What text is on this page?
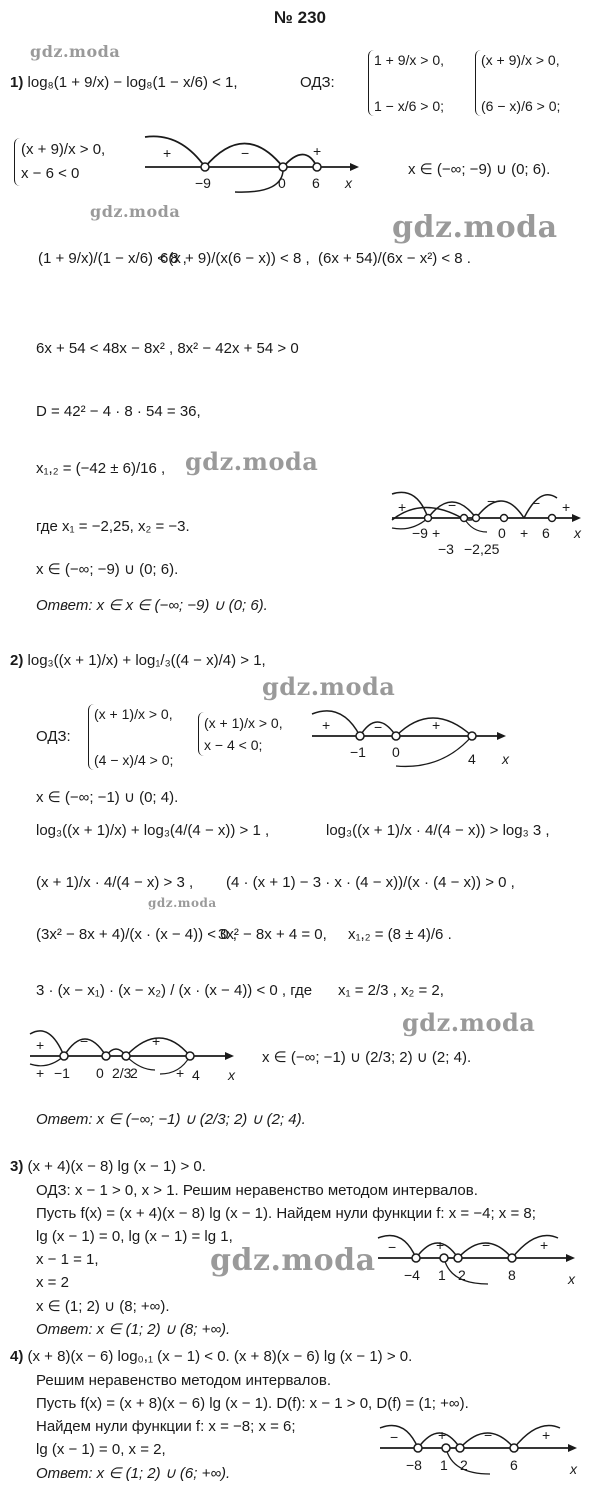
№ 230
gdz.moda
gdz.moda	gdz.moda
gdz.moda
gdz.moda
gdz.moda
gdz.moda
gdz.moda
1) log₈(1 + 9/x) − log₈(1 − x/6) < 1,	ОДЗ:
1 + 9/x > 0,
1 − x/6 > 0;
(x + 9)/x > 0,
(6 − x)/6 > 0;
(x + 9)/x > 0,
x − 6 < 0
+	−	+
−9	0 6 x
x ∈ (−∞; −9) ∪ (0; 6).
(1 + 9/x)/(1 − x/6) < 8 ,
6(x + 9)/(x(6 − x)) < 8 , (6x + 54)/(6x − x²) < 8 .
6x + 54 < 48x − 8x² , 8x² − 42x + 54 > 0
D = 42² − 4 · 8 · 54 = 36,
x₁,₂ = (−42 ± 6)/16 ,
где x₁ = −2,25, x₂ = −3.
+	−
+
−
+
− +
−9	0	6
−3 −2,25
x
x ∈ (−∞; −9) ∪ (0; 6).
Ответ: x ∈ x ∈ (−∞; −9) ∪ (0; 6).
2) log₃((x + 1)/x) + log₁/₃((4 − x)/4) > 1,
ОДЗ:
(x + 1)/x > 0,
(4 − x)/4 > 0;
(x + 1)/x > 0,
x − 4 < 0;
+	−	+
−1 0	4 x
x ∈ (−∞; −1) ∪ (0; 4).
log₃((x + 1)/x) + log₃(4/(4 − x)) > 1 ,	log₃((x + 1)/x · 4/(4 − x)) > log₃ 3 ,
(x + 1)/x · 4/(4 − x) > 3 , (4 · (x + 1) − 3 · x · (4 − x))/(x · (4 − x)) > 0 ,
(3x² − 8x + 4)/(x · (x − 4)) < 0 ,
3x² − 8x + 4 = 0, x₁,₂ = (8 ± 4)/6 .
3 · (x − x₁) · (x − x₂) / (x · (x − 4)) < 0 , где x₁ = 2/3 , x₂ = 2,
+	−	+
+	+
−1 0 2/3
2	4 x
x ∈ (−∞; −1) ∪ (2/3; 2) ∪ (2; 4).
Ответ: x ∈ (−∞; −1) ∪ (2/3; 2) ∪ (2; 4).
3) (x + 4)(x − 8) lg (x − 1) > 0.
ОДЗ: x − 1 > 0, x > 1. Решим неравенство методом интервалов.
Пусть f(x) = (x + 4)(x − 8) lg (x − 1). Найдем нули функции f: x = −4; x = 8;
lg (x − 1) = 0, lg (x − 1) = lg 1,
x − 1 = 1,
x = 2
x ∈ (1; 2) ∪ (8; +∞).
Ответ: x ∈ (1; 2) ∪ (8; +∞).
−	+	−	+
−4 1 2	8	x
4) (x + 8)(x − 6) log₀,₁ (x − 1) < 0. (x + 8)(x − 6) lg (x − 1) > 0.
Решим неравенство методом интервалов.
Пусть f(x) = (x + 8)(x − 6) lg (x − 1). D(f): x − 1 > 0, D(f) = (1; +∞).
Найдем нули функции f: x = −8; x = 6;
lg (x − 1) = 0, x = 2,
Ответ: x ∈ (1; 2) ∪ (6; +∞).
−	+	−	+
−8 1 2	6	x
